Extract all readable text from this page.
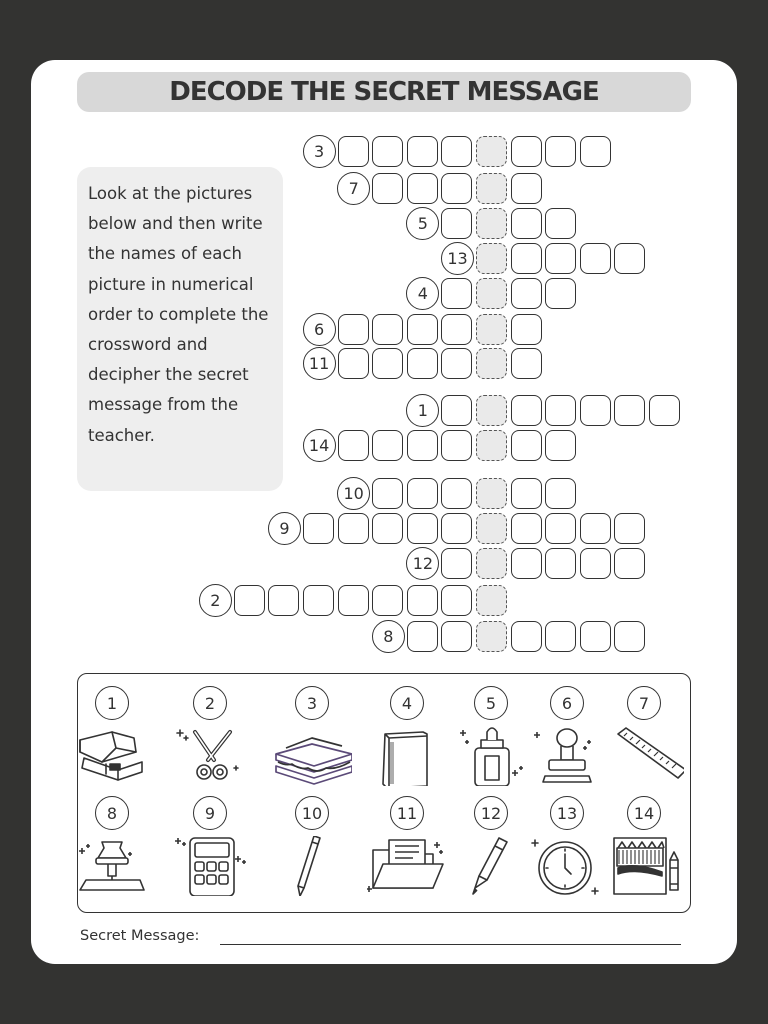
DECODE THE SECRET MESSAGE

Look at the pictures below and then write the names of each picture in numerical order to complete the crossword and decipher the secret message from the teacher.

3
7
5
13
4
6
11
1
14
10
9
12
2
8
1	2	3	4	5	6	7
8	9	10	11	12	13	14
Secret Message:
